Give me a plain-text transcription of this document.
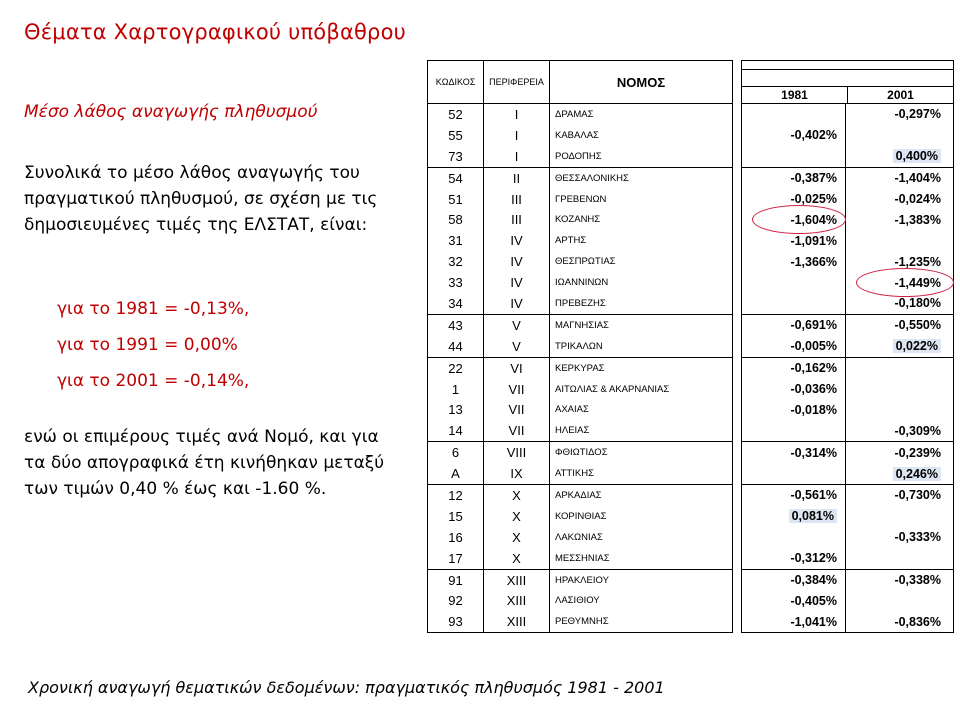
Θέματα Χαρτογραφικού υπόβαθρου
Μέσο λάθος αναγωγής πληθυσμού
Συνολικά το μέσο λάθος αναγωγής του πραγματικού πληθυσμού, σε σχέση με τις δημοσιευμένες τιμές της ΕΛΣΤΑΤ, είναι:
για το 1981 = -0,13%,
για το 1991 = 0,00%
για το 2001 = -0,14%,
ενώ οι επιμέρους τιμές ανά Νομό, και για τα δύο απογραφικά έτη κινήθηκαν μεταξύ των τιμών 0,40 % έως και -1.60 %.
Χρονική αναγωγή θεματικών δεδομένων: πραγματικός πληθυσμός 1981 - 2001
ΚΩΔΙΚΟΣ	ΠΕΡΙΦΕΡΕΙΑ	ΝΟΜΟΣ		

1981	2001

52	I	ΔΡΑΜΑΣ			-0,297%
55	I	ΚΑΒΑΛΑΣ		-0,402%	
73	I	ΡΟΔΟΠΗΣ			0,400%
54	II	ΘΕΣΣΑΛΟΝΙΚΗΣ		-0,387%	-1,404%
51	III	ΓΡΕΒΕΝΩΝ		-0,025%	-0,024%
58	III	ΚΟΖΑΝΗΣ		-1,604%	-1,383%
31	IV	ΑΡΤΗΣ		-1,091%	
32	IV	ΘΕΣΠΡΩΤΙΑΣ		-1,366%	-1,235%
33	IV	ΙΩΑΝΝΙΝΩΝ			-1,449%
34	IV	ΠΡΕΒΕΖΗΣ			-0,180%
43	V	ΜΑΓΝΗΣΙΑΣ		-0,691%	-0,550%
44	V	ΤΡΙΚΑΛΩΝ		-0,005%	0,022%
22	VI	ΚΕΡΚΥΡΑΣ		-0,162%	
1	VII	ΑΙΤΩΛΙΑΣ & ΑΚΑΡΝΑΝΙΑΣ		-0,036%	
13	VII	ΑΧΑΙΑΣ		-0,018%	
14	VII	ΗΛΕΙΑΣ			-0,309%
6	VIII	ΦΘΙΩΤΙΔΟΣ		-0,314%	-0,239%
A	IX	ΑΤΤΙΚΗΣ			0,246%
12	X	ΑΡΚΑΔΙΑΣ		-0,561%	-0,730%
15	X	ΚΟΡΙΝΘΙΑΣ		0,081%	
16	X	ΛΑΚΩΝΙΑΣ			-0,333%
17	X	ΜΕΣΣΗΝΙΑΣ		-0,312%	
91	XIII	ΗΡΑΚΛΕΙΟΥ		-0,384%	-0,338%
92	XIII	ΛΑΣΙΘΙΟΥ		-0,405%	
93	XIII	ΡΕΘΥΜΝΗΣ		-1,041%	-0,836%
